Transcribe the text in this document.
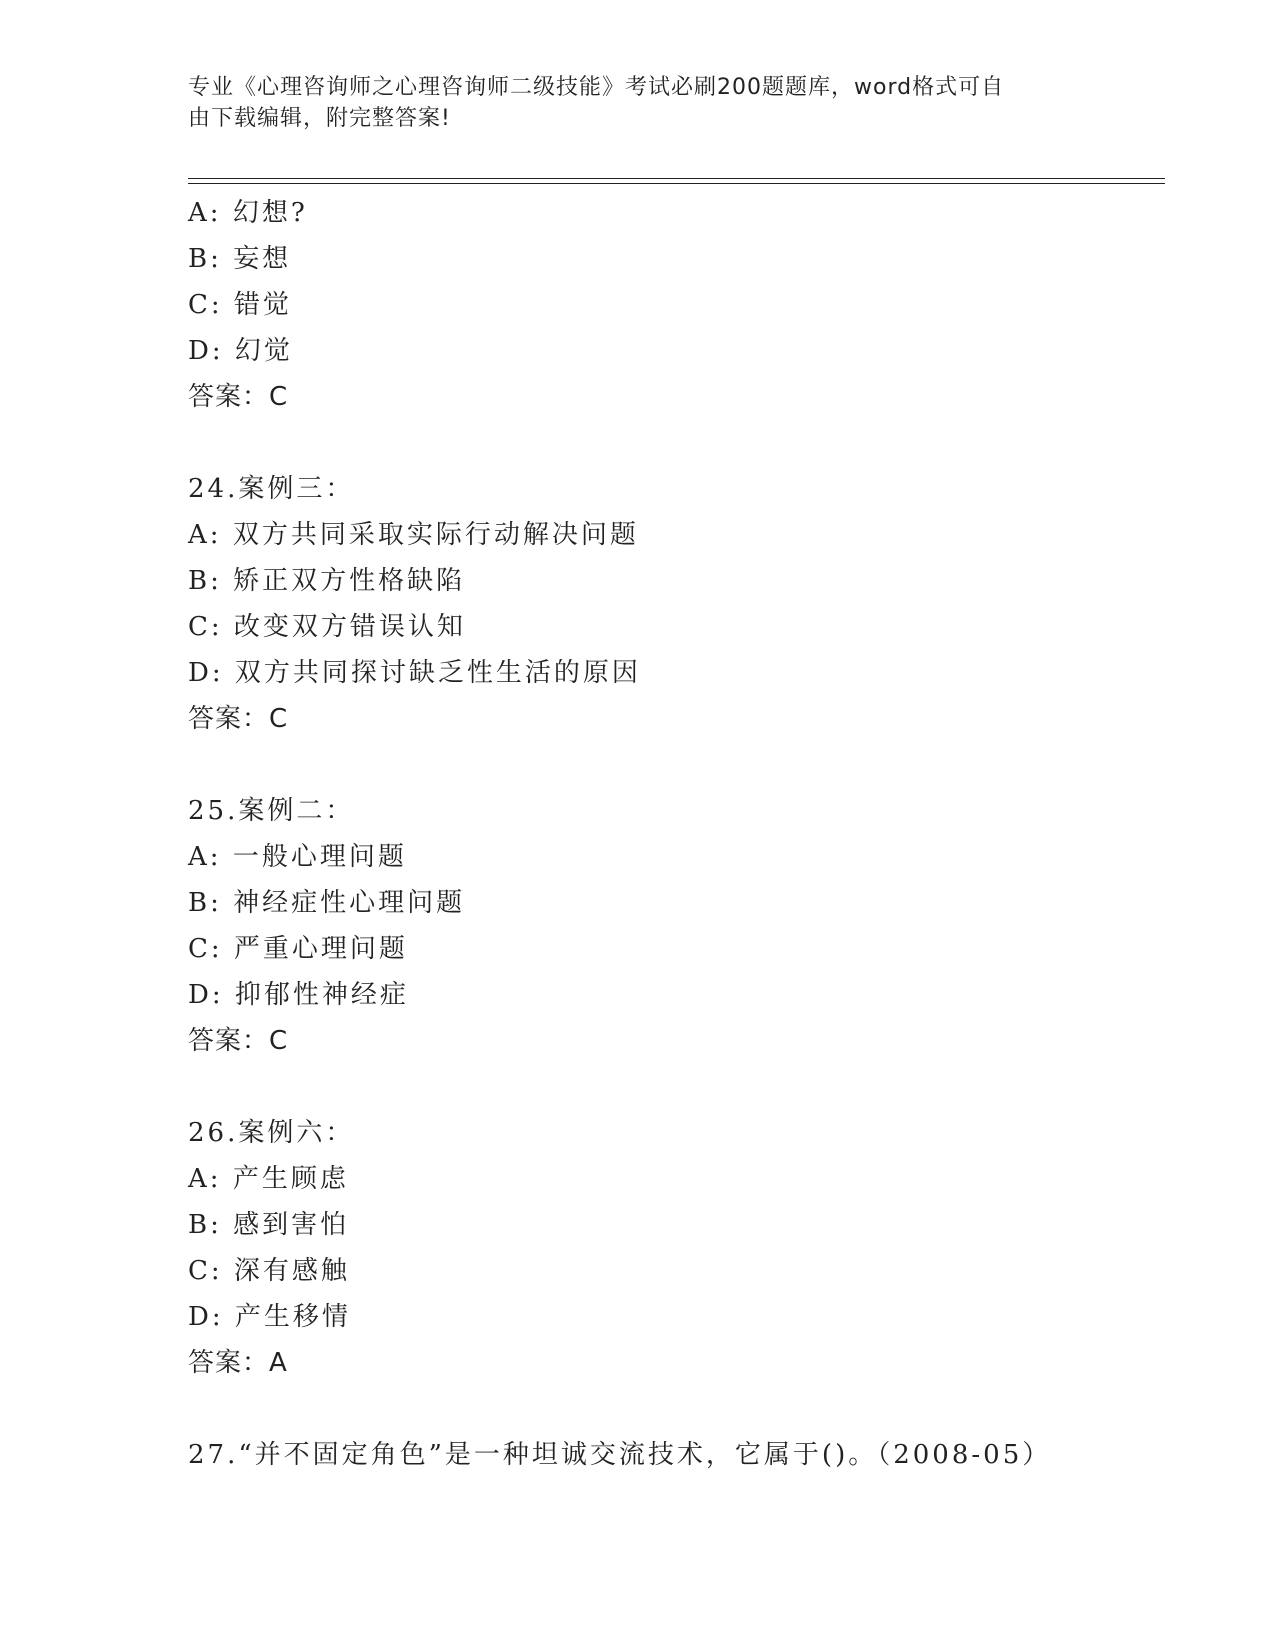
专业《心理咨询师之心理咨询师二级技能》考试必刷200题题库，word格式可自
由下载编辑，附完整答案!
A: 幻想?
B: 妄想
C: 错觉
D: 幻觉
答案：C
24.案例三：
A: 双方共同采取实际行动解决问题
B: 矫正双方性格缺陷
C: 改变双方错误认知
D: 双方共同探讨缺乏性生活的原因
答案：C
25.案例二：
A: 一般心理问题
B: 神经症性心理问题
C: 严重心理问题
D: 抑郁性神经症
答案：C
26.案例六：
A: 产生顾虑
B: 感到害怕
C: 深有感触
D: 产生移情
答案：A
27.“并不固定角色”是一种坦诚交流技术，它属于()。（2008-05）
